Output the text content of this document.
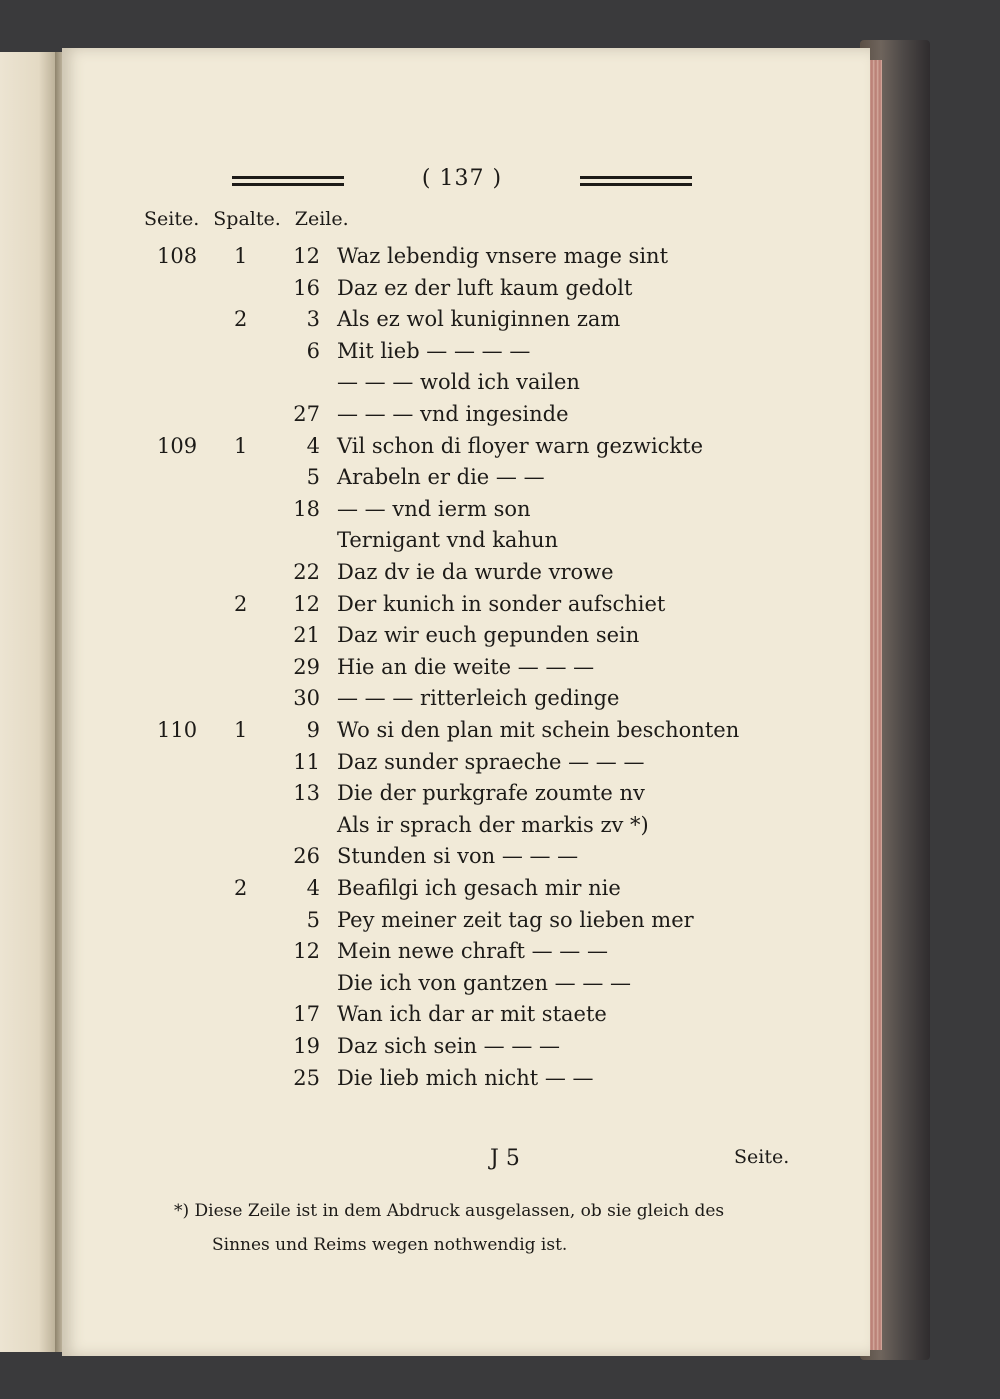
( 137 )
Seite. Spalte. Zeile.
108 1	12 Waz lebendig vnsere mage sint
16 Daz ez der luft kaum gedolt
2	3 Als ez wol kuniginnen zam
6 Mit lieb — — — —
— — — wold ich vailen
27 — — — vnd ingesinde
109 1	4 Vil schon di floyer warn gezwickte
5 Arabeln er die — —
18 — — vnd ierm son
Ternigant vnd kahun
22 Daz dv ie da wurde vrowe
2	12 Der kunich in sonder aufschiet
21 Daz wir euch gepunden sein
29 Hie an die weite — — —
30 — — — ritterleich gedinge
110 1	9 Wo si den plan mit schein beschonten
11 Daz sunder spraeche — — —
13 Die der purkgrafe zoumte nv
Als ir sprach der markis zv *)
26 Stunden si von — — —
2	4 Beafilgi ich gesach mir nie
5 Pey meiner zeit tag so lieben mer
12 Mein newe chraft — — —
Die ich von gantzen — — —
17 Wan ich dar ar mit staete
19 Daz sich sein — — —
25 Die lieb mich nicht — —
J 5	Seite.
*) Diese Zeile ist in dem Abdruck ausgelassen, ob sie gleich des
Sinnes und Reims wegen nothwendig ist.
